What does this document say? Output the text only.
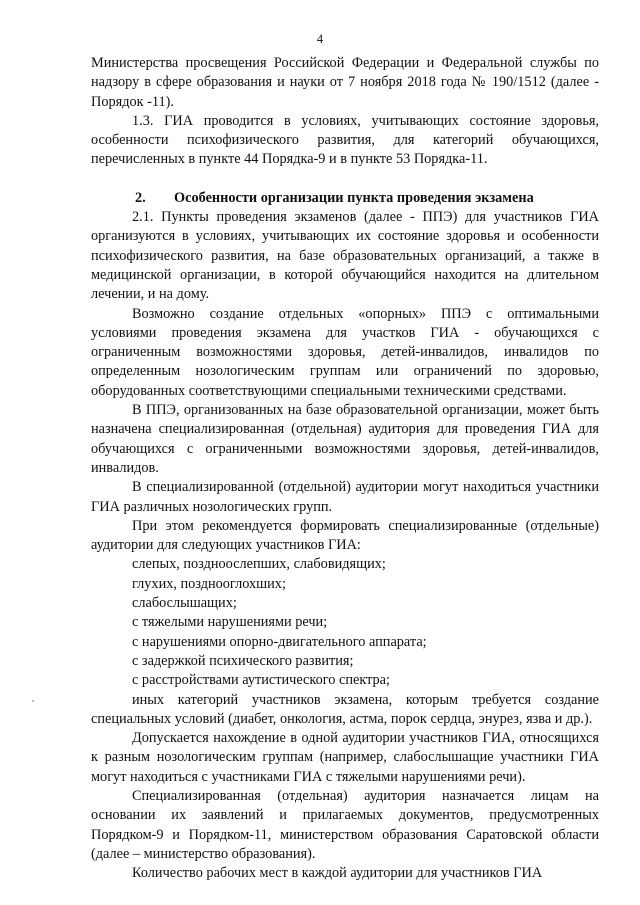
4

Министерства просвещения Российской Федерации и Федеральной службы по надзору в сфере образования и науки от 7 ноября 2018 года № 190/1512 (далее - Порядок -11).

1.3. ГИА проводится в условиях, учитывающих состояние здоровья, особенности психофизического развития, для категорий обучающихся, перечисленных в пункте 44 Порядка-9 и в пункте 53 Порядка-11.

2. Особенности организации пункта проведения экзамена

2.1. Пункты проведения экзаменов (далее - ППЭ) для участников ГИА организуются в условиях, учитывающих их состояние здоровья и особенности психофизического развития, на базе образовательных организаций, а также в медицинской организации, в которой обучающийся находится на длительном лечении, и на дому.

Возможно создание отдельных «опорных» ППЭ с оптимальными условиями проведения экзамена для участков ГИА - обучающихся с ограниченным возможностями здоровья, детей-инвалидов, инвалидов по определенным нозологическим группам или ограничений по здоровью, оборудованных соответствующими специальными техническими средствами.

В ППЭ, организованных на базе образовательной организации, может быть назначена специализированная (отдельная) аудитория для проведения ГИА для обучающихся с ограниченными возможностями здоровья, детей-инвалидов, инвалидов.

В специализированной (отдельной) аудитории могут находиться участники ГИА различных нозологических групп.

При этом рекомендуется формировать специализированные (отдельные) аудитории для следующих участников ГИА:

слепых, поздноослепших, слабовидящих;

глухих, позднооглохших;

слабослышащих;

с тяжелыми нарушениями речи;

с нарушениями опорно-двигательного аппарата;

с задержкой психического развития;

с расстройствами аутистического спектра;

иных категорий участников экзамена, которым требуется создание специальных условий (диабет, онкология, астма, порок сердца, энурез, язва и др.).

Допускается нахождение в одной аудитории участников ГИА, относящихся к разным нозологическим группам (например, слабослышащие участники ГИА могут находиться с участниками ГИА с тяжелыми нарушениями речи).

Специализированная (отдельная) аудитория назначается лицам на основании их заявлений и прилагаемых документов, предусмотренных Порядком-9 и Порядком-11, министерством образования Саратовской области (далее – министерство образования).

Количество рабочих мест в каждой аудитории для участников ГИА
